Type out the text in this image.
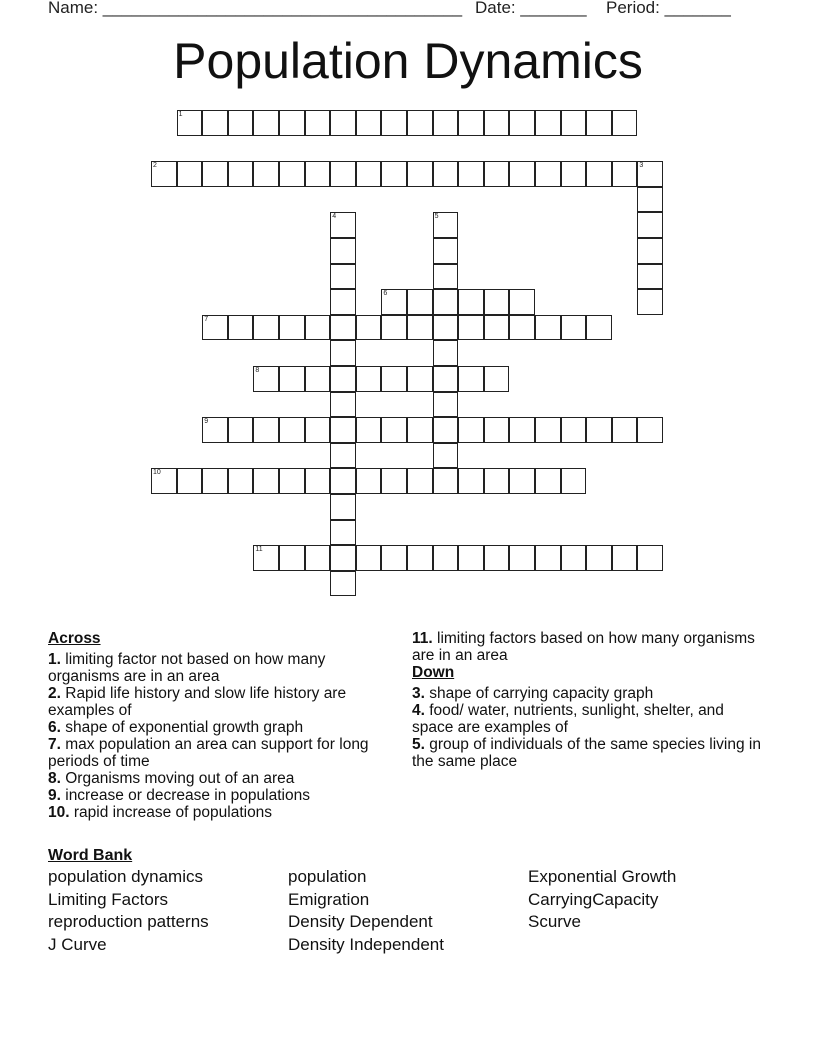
Name: ______________________________________ Date: _______ Period: _______
Population Dynamics
1
2	3
4	5
6
7
8
9
10
11
Across
1. limiting factor not based on how many organisms are in an area
2. Rapid life history and slow life history are examples of
6. shape of exponential growth graph
7. max population an area can support for long periods of time
8. Organisms moving out of an area
9. increase or decrease in populations
10. rapid increase of populations
11. limiting factors based on how many organisms are in an area
Down
3. shape of carrying capacity graph
4. food/ water, nutrients, sunlight, shelter, and space are examples of
5. group of individuals of the same species living in the same place
Word Bank
population dynamics
Limiting Factors
reproduction patterns
J Curve
population
Emigration
Density Dependent
Density Independent
Exponential Growth
CarryingCapacity
Scurve
